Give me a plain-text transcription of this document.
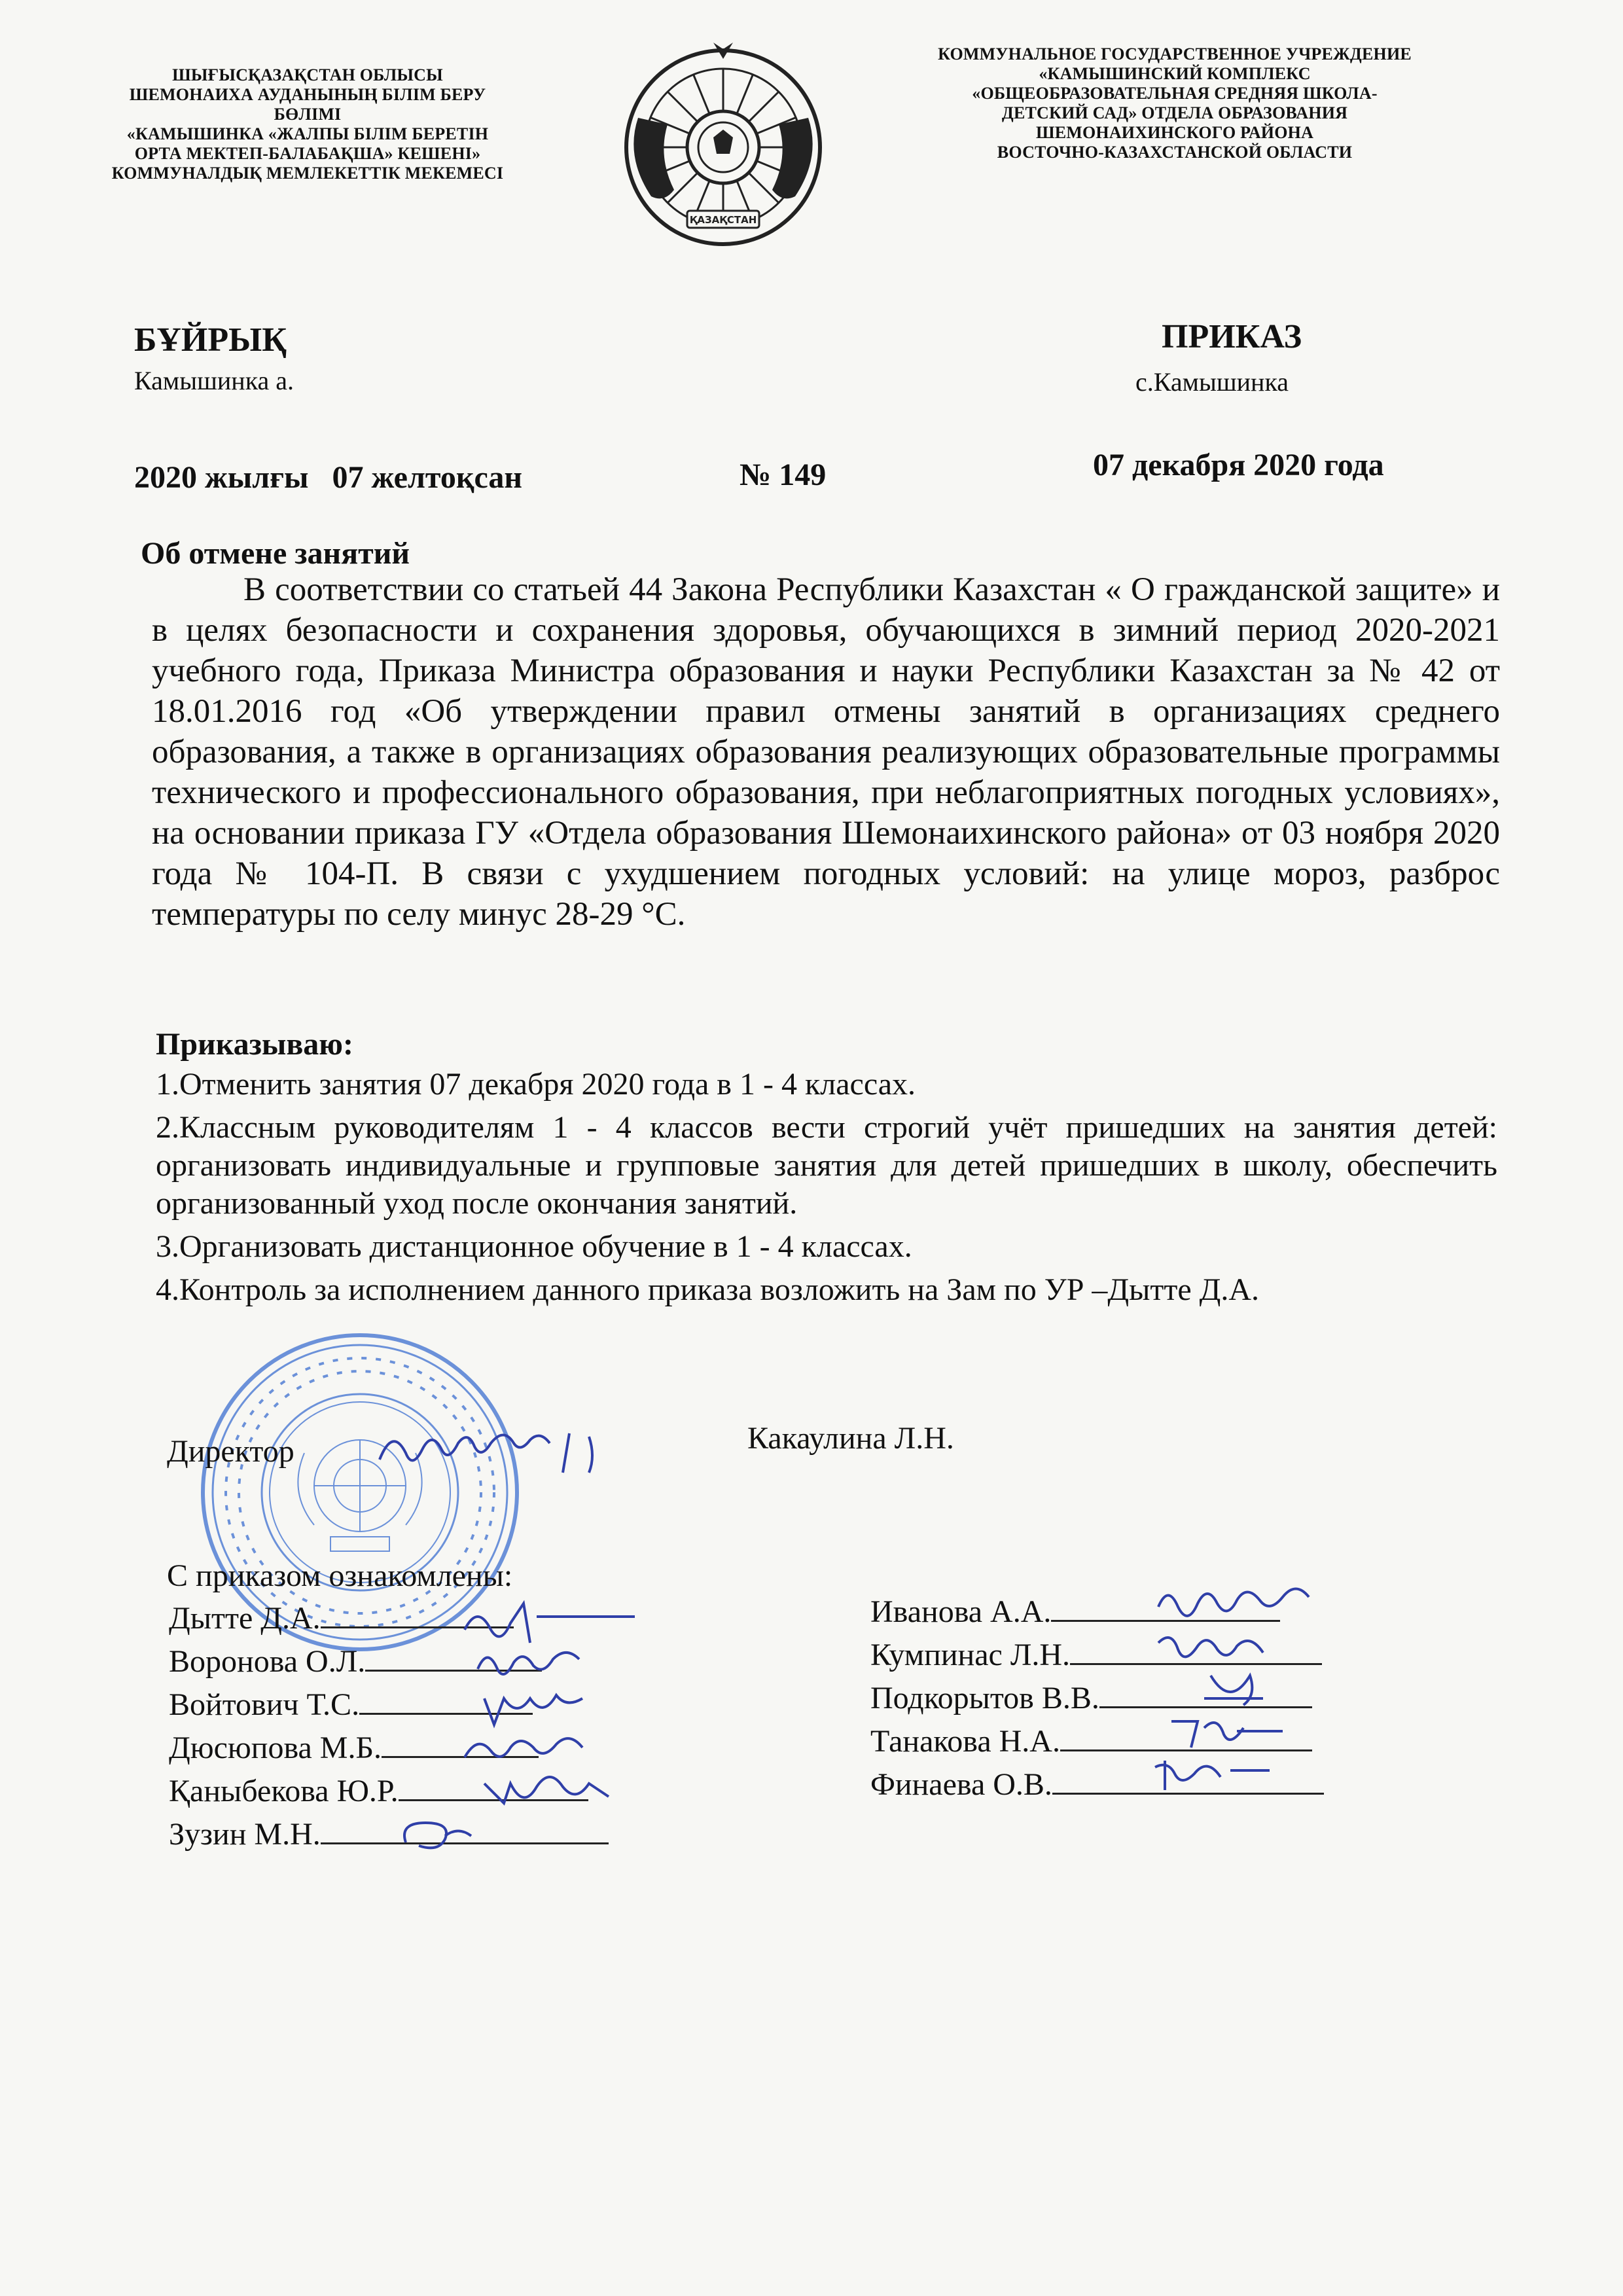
ШЫҒЫСҚАЗАҚСТАН ОБЛЫСЫ
ШЕМОНАИХА АУДАНЫНЫҢ БІЛІМ БЕРУ
БӨЛІМІ
«КАМЫШИНКА «ЖАЛПЫ БІЛІМ БЕРЕТІН
ОРТА МЕКТЕП-БАЛАБАҚША» КЕШЕНІ»
КОММУНАЛДЫҚ МЕМЛЕКЕТТІК МЕКЕМЕСІ
ҚАЗАҚСТАН
КОММУНАЛЬНОЕ ГОСУДАРСТВЕННОЕ УЧРЕЖДЕНИЕ
«КАМЫШИНСКИЙ КОМПЛЕКС
«ОБЩЕОБРАЗОВАТЕЛЬНАЯ СРЕДНЯЯ ШКОЛА-
ДЕТСКИЙ САД» ОТДЕЛА ОБРАЗОВАНИЯ
ШЕМОНАИХИНСКОГО РАЙОНА
ВОСТОЧНО-КАЗАХСТАНСКОЙ ОБЛАСТИ
БҰЙРЫҚ
Камышинка а.
ПРИКАЗ
с.Камышинка
2020 жылғы   07 желтоқсан	№ 149	07 декабря 2020 года
Об отмене занятий

В соответствии со статьей 44 Закона Республики Казахстан « О гражданской защите» и в целях безопасности и сохранения здоровья, обучающихся в зимний период 2020-2021 учебного года, Приказа Министра образования и науки Республики Казахстан за № 42 от 18.01.2016 год «Об утверждении правил отмены занятий в организациях среднего образования, а также в организациях образования реализующих образовательные программы технического и профессионального образования, при неблагоприятных погодных условиях», на основании приказа ГУ «Отдела образования Шемонаихинского района» от 03 ноября 2020 года № 104-П. В связи с ухудшением погодных условий: на улице мороз, разброс температуры по селу минус 28-29 °С.

Приказываю:
1.Отменить занятия 07 декабря 2020 года в 1 - 4 классах.
2.Классным руководителям 1 - 4 классов вести строгий учёт пришедших на занятия детей: организовать индивидуальные и групповые занятия для детей пришедших в школу, обеспечить организованный уход после окончания занятий.
3.Организовать дистанционное обучение в 1 - 4 классах.
4.Контроль за исполнением данного приказа возложить на Зам по УР –Дытте Д.А.
Директор	Какаулина Л.Н.
С приказом ознакомлены:
Дытте Д.А.
Воронова О.Л.
Войтович Т.С.
Дюсюпова М.Б.
Қаныбекова Ю.Р.
Зузин М.Н.
Иванова А.А.
Кумпинас Л.Н.
Подкорытов В.В.
Танакова Н.А.
Финаева О.В.
